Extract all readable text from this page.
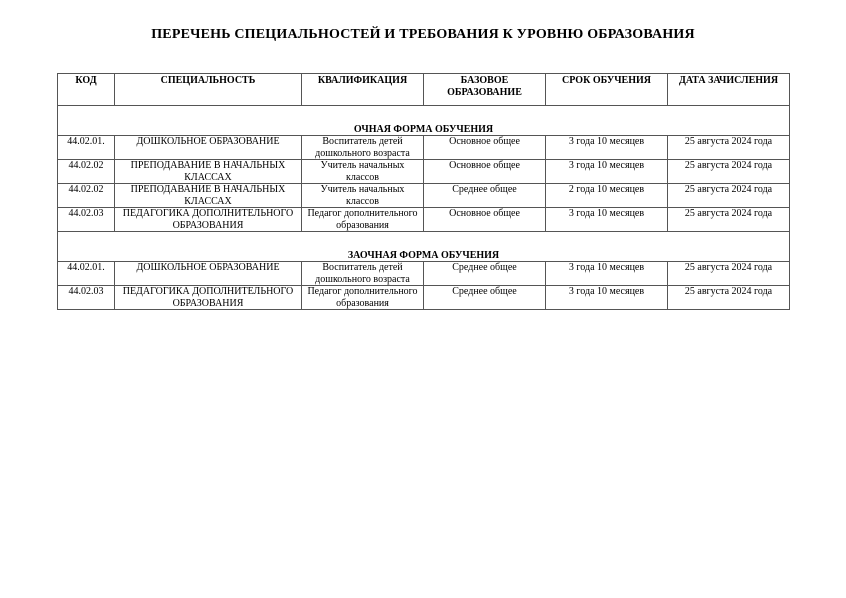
ПЕРЕЧЕНЬ СПЕЦИАЛЬНОСТЕЙ И ТРЕБОВАНИЯ К УРОВНЮ ОБРАЗОВАНИЯ
КОД	СПЕЦИАЛЬНОСТЬ	КВАЛИФИКАЦИЯ	БАЗОВОЕ ОБРАЗОВАНИЕ	СРОК ОБУЧЕНИЯ	ДАТА ЗАЧИСЛЕНИЯ
ОЧНАЯ ФОРМА ОБУЧЕНИЯ					
44.02.01.	ДОШКОЛЬНОЕ ОБРАЗОВАНИЕ	Воспитатель детей дошкольного возраста	Основное общее	3 года 10 месяцев	25 августа 2024 года
44.02.02	ПРЕПОДАВАНИЕ В НАЧАЛЬНЫХ КЛАССАХ	Учитель начальных классов	Основное общее	3 года 10 месяцев	25 августа 2024 года
44.02.02	ПРЕПОДАВАНИЕ В НАЧАЛЬНЫХ КЛАССАХ	Учитель начальных классов	Среднее общее	2 года 10 месяцев	25 августа 2024 года
44.02.03	ПЕДАГОГИКА ДОПОЛНИТЕЛЬНОГО ОБРАЗОВАНИЯ	Педагог дополнительного образования	Основное общее	3 года 10 месяцев	25 августа 2024 года
ЗАОЧНАЯ ФОРМА ОБУЧЕНИЯ					
44.02.01.	ДОШКОЛЬНОЕ ОБРАЗОВАНИЕ	Воспитатель детей дошкольного возраста	Среднее общее	3 года 10 месяцев	25 августа 2024 года
44.02.03	ПЕДАГОГИКА ДОПОЛНИТЕЛЬНОГО ОБРАЗОВАНИЯ	Педагог дополнительного образования	Среднее общее	3 года 10 месяцев	25 августа 2024 года
